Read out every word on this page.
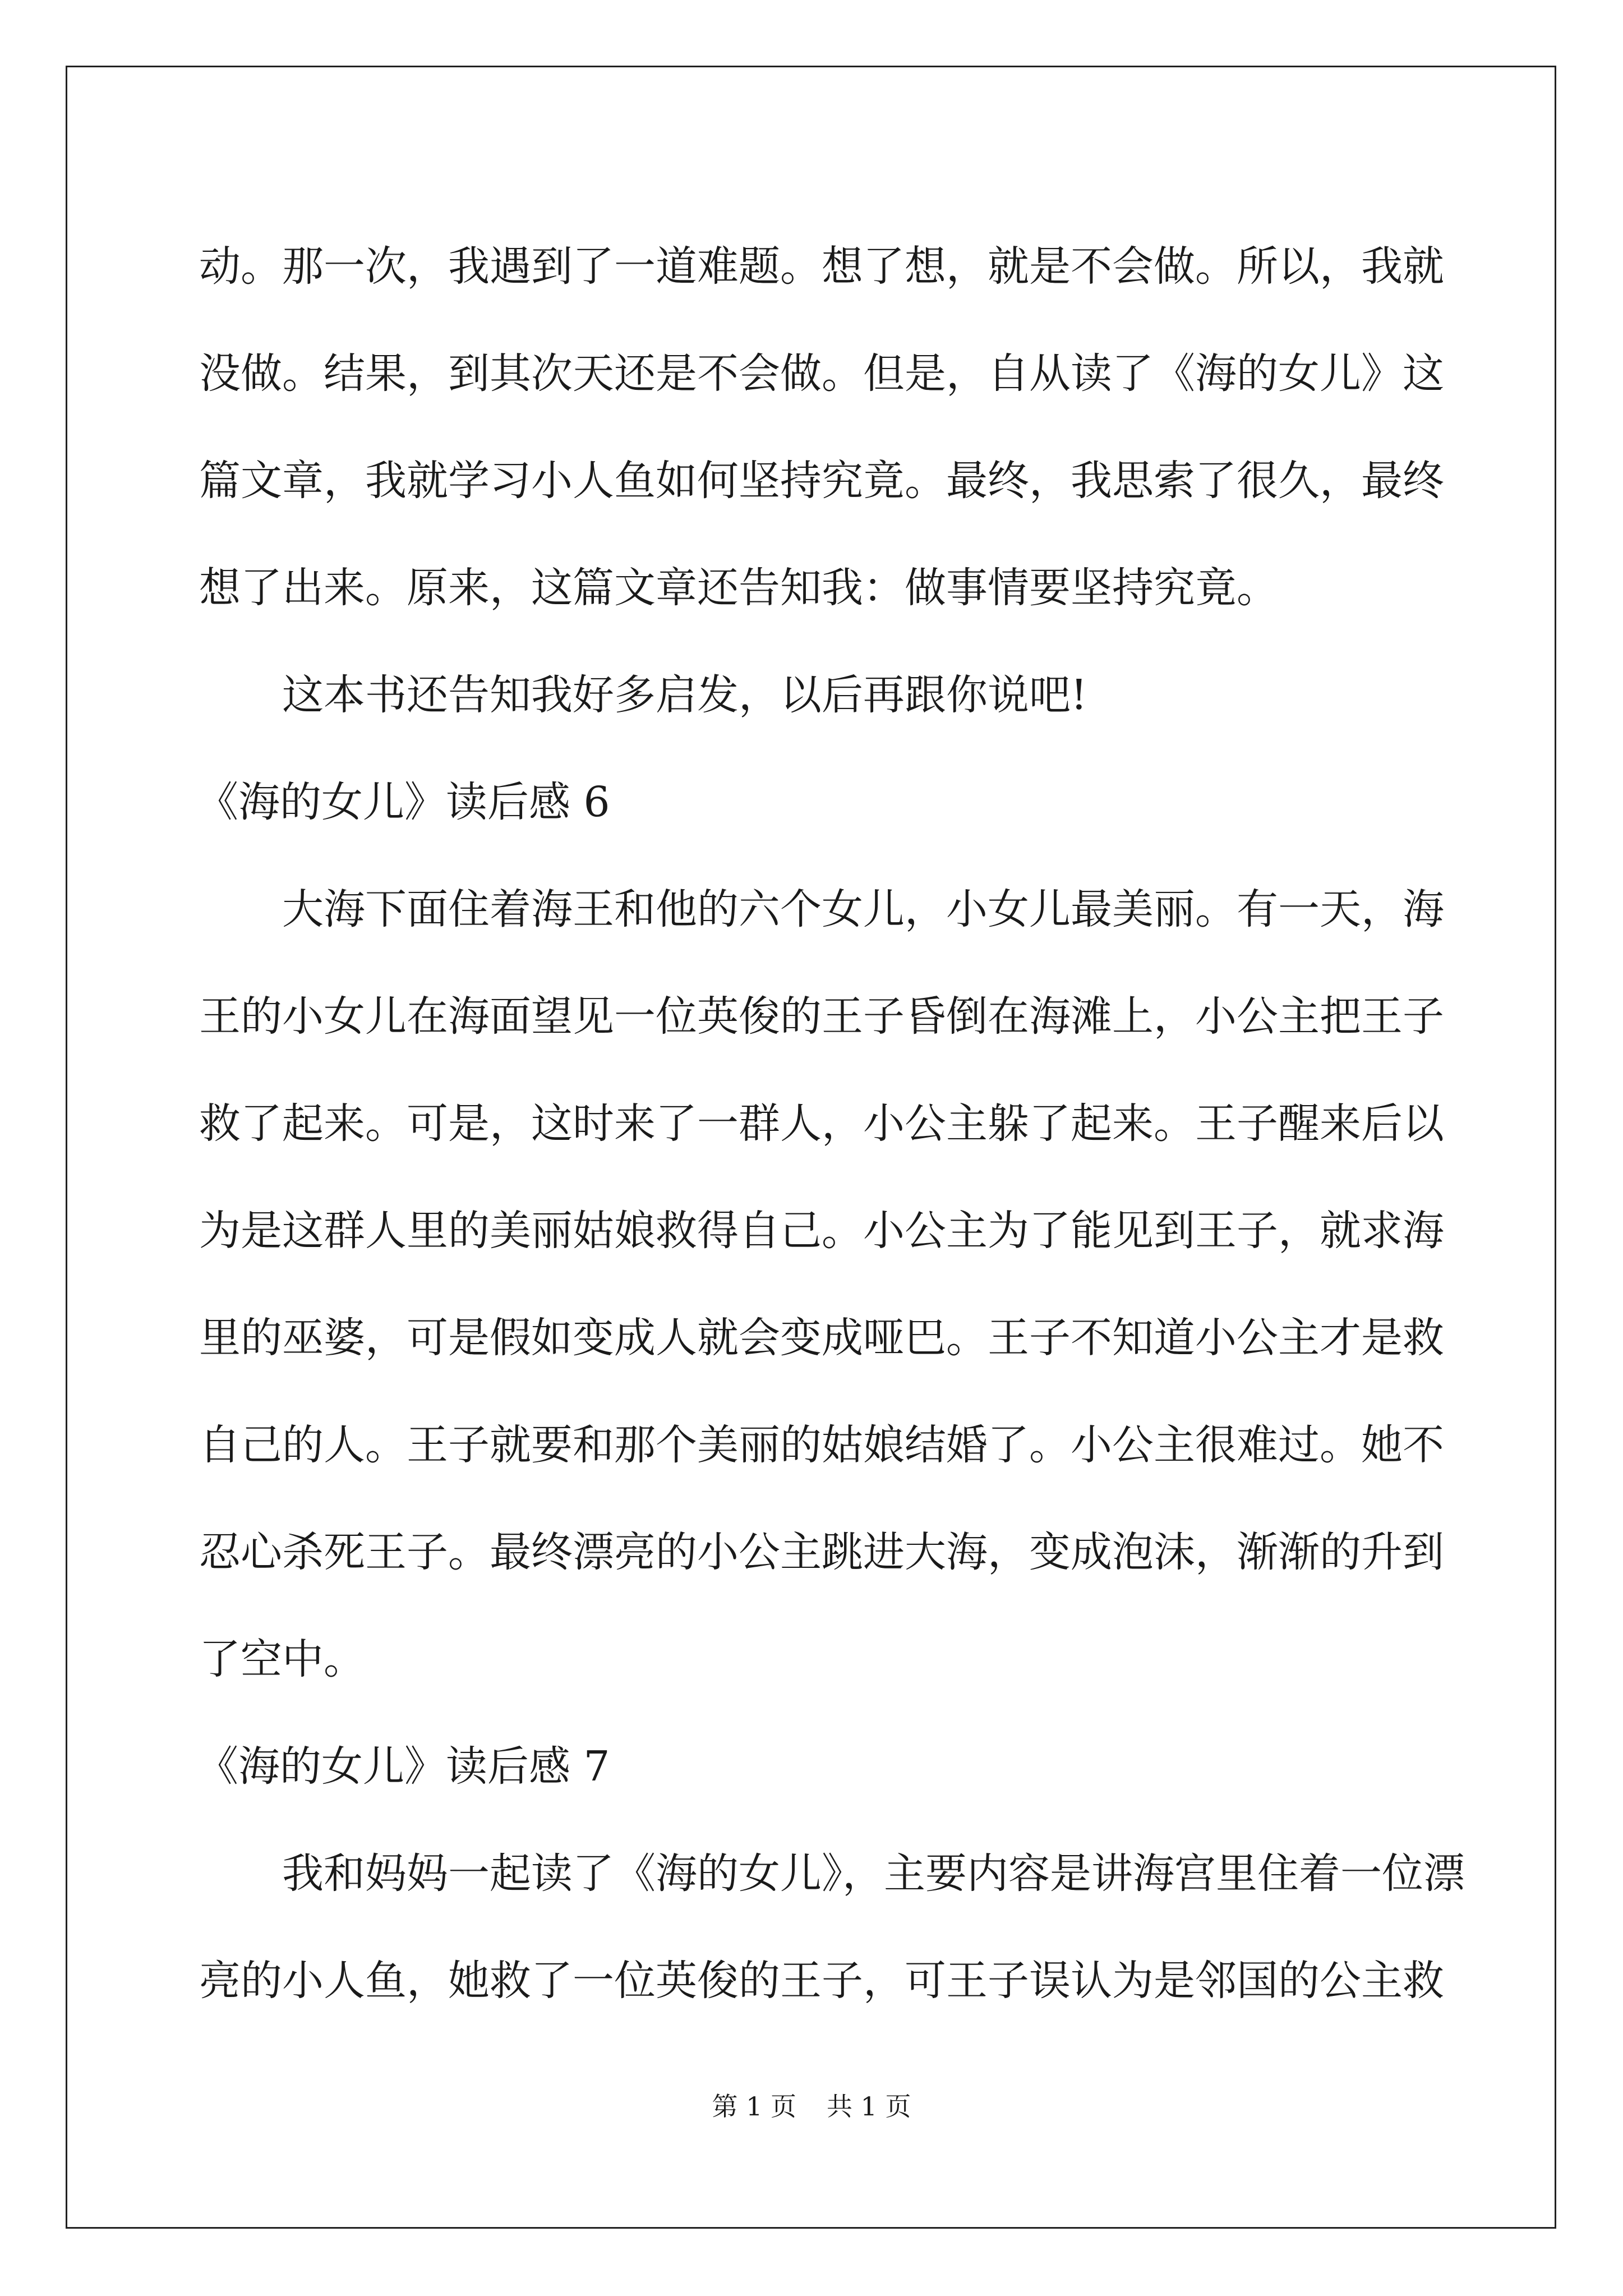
动。那一次，我遇到了一道难题。想了想，就是不会做。所以，我就
没做。结果，到其次天还是不会做。但是，自从读了《海的女儿》这
篇文章，我就学习小人鱼如何坚持究竟。最终，我思索了很久，最终
想了出来。原来，这篇文章还告知我：做事情要坚持究竟。
这本书还告知我好多启发，以后再跟你说吧!
《海的女儿》读后感 6
大海下面住着海王和他的六个女儿，小女儿最美丽。有一天，海
王的小女儿在海面望见一位英俊的王子昏倒在海滩上，小公主把王子
救了起来。可是，这时来了一群人，小公主躲了起来。王子醒来后以
为是这群人里的美丽姑娘救得自己。小公主为了能见到王子，就求海
里的巫婆，可是假如变成人就会变成哑巴。王子不知道小公主才是救
自己的人。王子就要和那个美丽的姑娘结婚了。小公主很难过。她不
忍心杀死王子。最终漂亮的小公主跳进大海，变成泡沫，渐渐的升到
了空中。
《海的女儿》读后感 7
我和妈妈一起读了《海的女儿》，主要内容是讲海宫里住着一位漂
亮的小人鱼，她救了一位英俊的王子，可王子误认为是邻国的公主救
第 1 页 共 1 页
